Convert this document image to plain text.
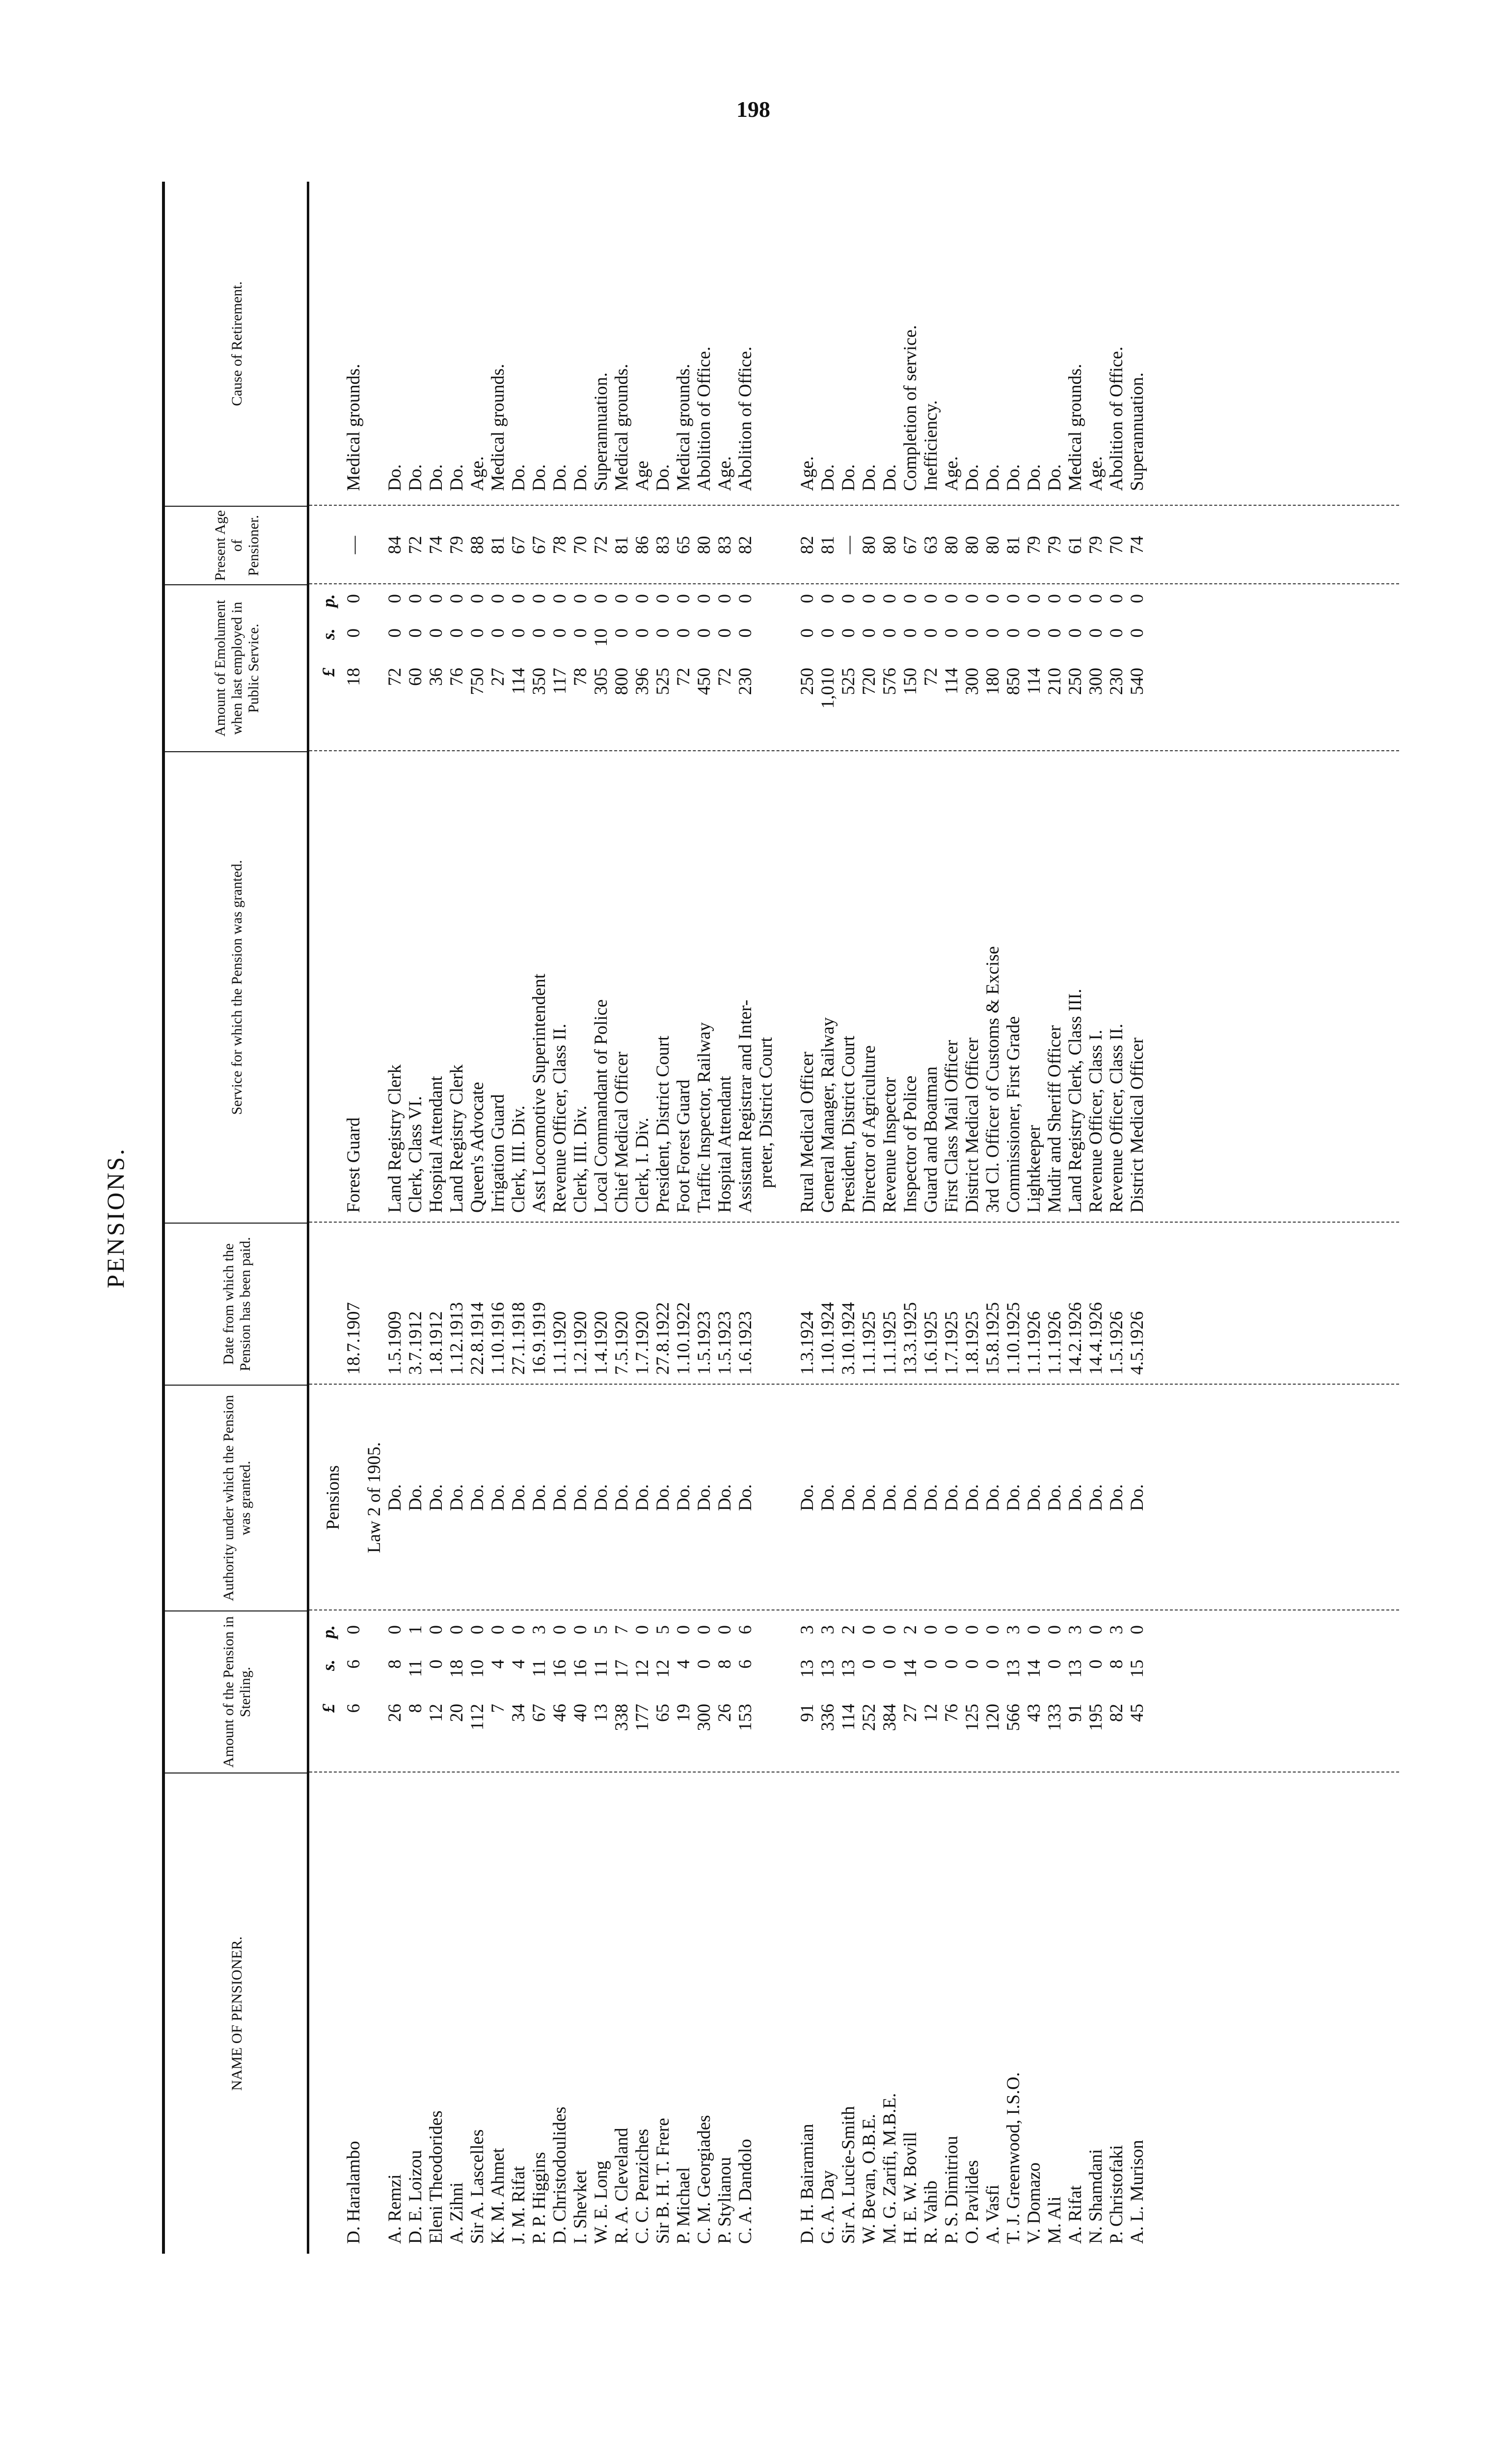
198
PENSIONS.
NAME OF PENSIONER.
Amount of the Pension in Sterling.
Authority under which the Pension was granted.
Date from which the Pension has been paid.
Service for which the Pension was granted.
Amount of Emolument when last employed in Public Service.
Present Age of Pensioner.
Cause of Retirement.
£
s.
p.
£
s.
p.
D. Haralambo
6
6
0
Pensions
18.7.1907
Forest Guard
18
0
0
—
Medical grounds.
Law 2 of 1905.
A. Remzi
26
8
0
Do.
1.5.1909
Land Registry Clerk
72
0
0
84
Do.
D. E. Loizou
8
11
1
Do.
3.7.1912
Clerk, Class VI.
60
0
0
72
Do.
Eleni Theodorides
12
0
0
Do.
1.8.1912
Hospital Attendant
36
0
0
74
Do.
A. Zihni
20
18
0
Do.
1.12.1913
Land Registry Clerk
76
0
0
79
Do.
Sir A. Lascelles
112
10
0
Do.
22.8.1914
Queen's Advocate
750
0
0
88
Age.
K. M. Ahmet
7
4
0
Do.
1.10.1916
Irrigation Guard
27
0
0
81
Medical grounds.
J. M. Rifat
34
4
0
Do.
27.1.1918
Clerk, III. Div.
114
0
0
67
Do.
P. P. Higgins
67
11
3
Do.
16.9.1919
Asst Locomotive Superintendent
350
0
0
67
Do.
D. Christodoulides
46
16
0
Do.
1.1.1920
Revenue Officer, Class II.
117
0
0
78
Do.
I. Shevket
40
16
0
Do.
1.2.1920
Clerk, III. Div.
78
0
0
70
Do.
W. E. Long
13
11
5
Do.
1.4.1920
Local Commandant of Police
305
10
0
72
Superannuation.
R. A. Cleveland
338
17
7
Do.
7.5.1920
Chief Medical Officer
800
0
0
81
Medical grounds.
C. C. Penziches
177
12
0
Do.
1.7.1920
Clerk, I. Div.
396
0
0
86
Age
Sir B. H. T. Frere
65
12
5
Do.
27.8.1922
President, District Court
525
0
0
83
Do.
P. Michael
19
4
0
Do.
1.10.1922
Foot Forest Guard
72
0
0
65
Medical grounds.
C. M. Georgiades
300
0
0
Do.
1.5.1923
Traffic Inspector, Railway
450
0
0
80
Abolition of Office.
P. Stylianou
26
8
0
Do.
1.5.1923
Hospital Attendant
72
0
0
83
Age.
C. A. Dandolo
153
6
6
Do.
1.6.1923
Assistant Registrar and Inter-
230
0
0
82
Abolition of Office.
preter, District Court
D. H. Bairamian
91
13
3
Do.
1.3.1924
Rural Medical Officer
250
0
0
82
Age.
G. A. Day
336
13
3
Do.
1.10.1924
General Manager, Railway
1,010
0
0
81
Do.
Sir A. Lucie-Smith
114
13
2
Do.
3.10.1924
President, District Court
525
0
0
—
Do.
W. Bevan, O.B.E.
252
0
0
Do.
1.1.1925
Director of Agriculture
720
0
0
80
Do.
M. G. Zarifi, M.B.E.
384
0
0
Do.
1.1.1925
Revenue Inspector
576
0
0
80
Do.
H. E. W. Bovill
27
14
2
Do.
13.3.1925
Inspector of Police
150
0
0
67
Completion of service.
R. Vahib
12
0
0
Do.
1.6.1925
Guard and Boatman
72
0
0
63
Inefficiency.
P. S. Dimitriou
76
0
0
Do.
1.7.1925
First Class Mail Officer
114
0
0
80
Age.
O. Pavlides
125
0
0
Do.
1.8.1925
District Medical Officer
300
0
0
80
Do.
A. Vasfi
120
0
0
Do.
15.8.1925
3rd Cl. Officer of Customs & Excise
180
0
0
80
Do.
T. J. Greenwood, I.S.O.
566
13
3
Do.
1.10.1925
Commissioner, First Grade
850
0
0
81
Do.
V. Domazo
43
14
0
Do.
1.1.1926
Lightkeeper
114
0
0
79
Do.
M. Ali
133
0
0
Do.
1.1.1926
Mudir and Sheriff Officer
210
0
0
79
Do.
A. Rifat
91
13
3
Do.
14.2.1926
Land Registry Clerk, Class III.
250
0
0
61
Medical grounds.
N. Shamdani
195
0
0
Do.
14.4.1926
Revenue Officer, Class I.
300
0
0
79
Age.
P. Christofaki
82
8
3
Do.
1.5.1926
Revenue Officer, Class II.
230
0
0
70
Abolition of Office.
A. L. Murison
45
15
0
Do.
4.5.1926
District Medical Officer
540
0
0
74
Superannuation.
